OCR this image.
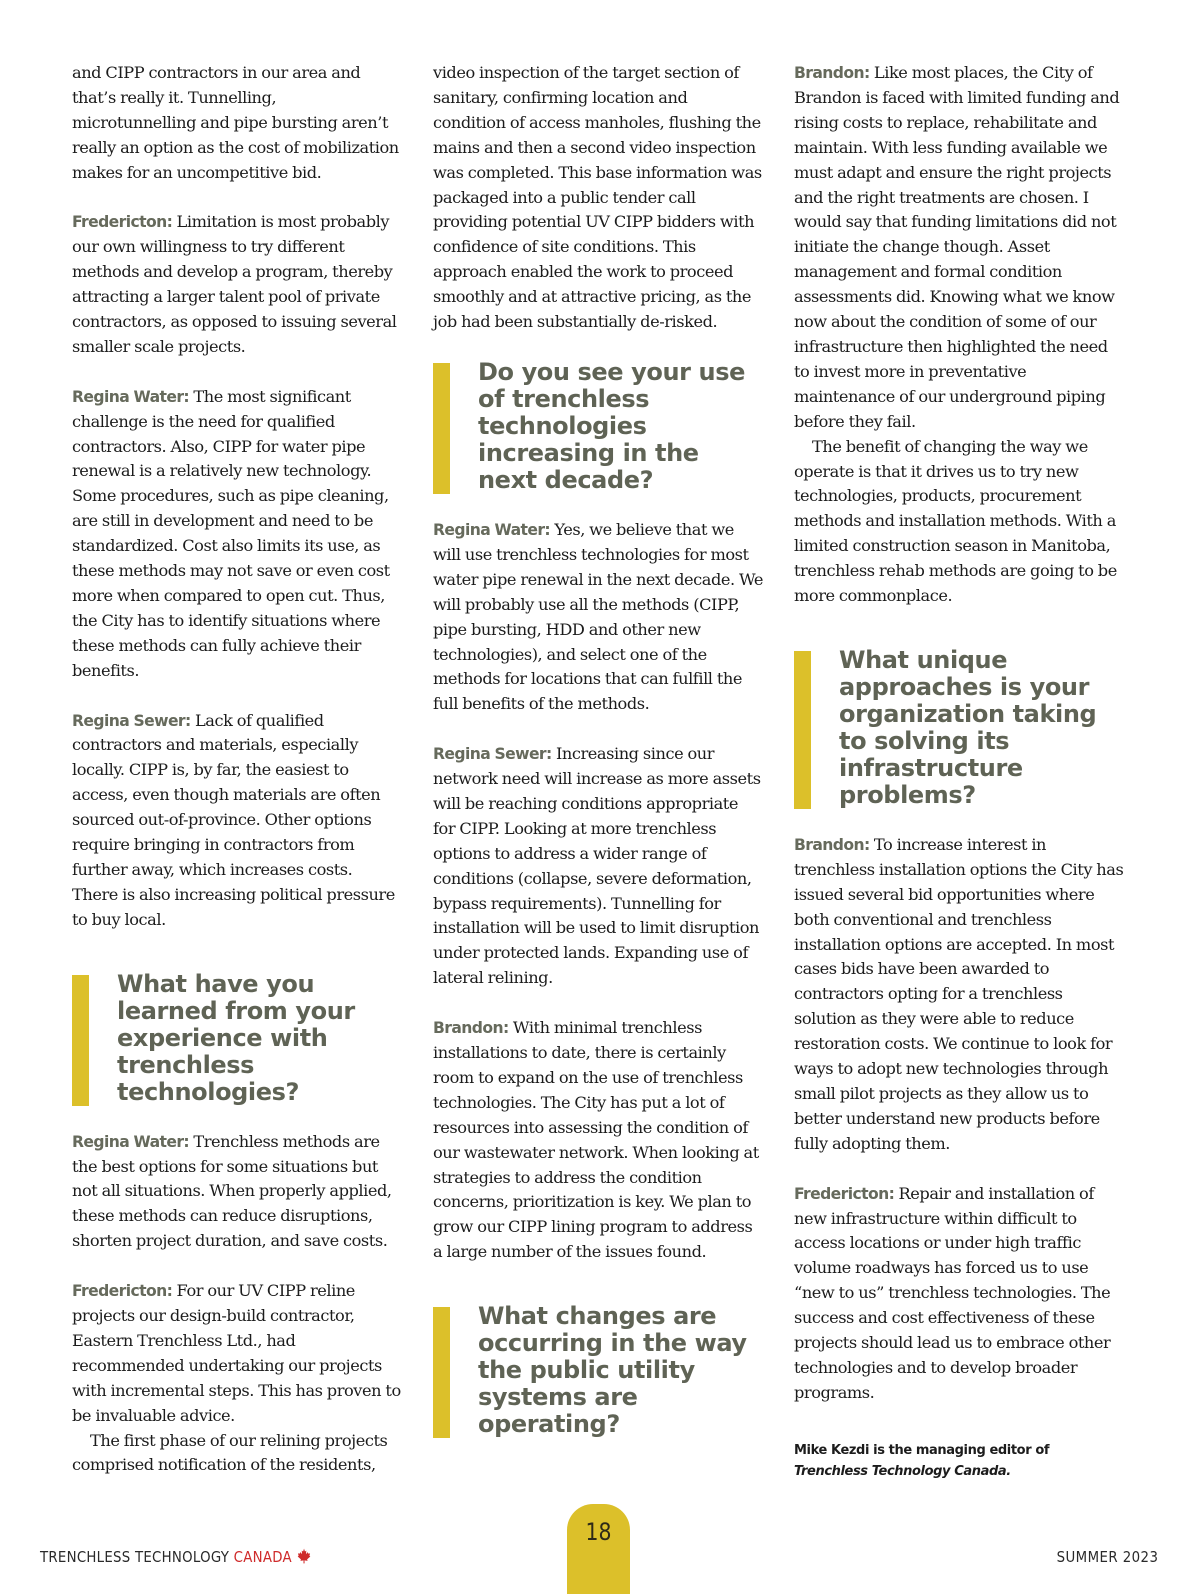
and CIPP contractors in our area and that’s really it. Tunnelling, microtunnelling and pipe bursting aren’t really an option as the cost of mobilization makes for an uncompetitive bid.

Fredericton: Limitation is most probably our own willingness to try different methods and develop a program, thereby attracting a larger talent pool of private contractors, as opposed to issuing several smaller scale projects.

Regina Water: The most significant challenge is the need for qualified contractors. Also, CIPP for water pipe renewal is a relatively new technology. Some procedures, such as pipe cleaning, are still in development and need to be standardized. Cost also limits its use, as these methods may not save or even cost more when compared to open cut. Thus, the City has to identify situations where these methods can fully achieve their benefits.

Regina Sewer: Lack of qualified contractors and materials, especially locally. CIPP is, by far, the easiest to access, even though materials are often sourced out-of-province. Other options require bringing in contractors from further away, which increases costs. There is also increasing political pressure to buy local.

What have you learned from your experience with trenchless technologies?

Regina Water: Trenchless methods are the best options for some situations but not all situations. When properly applied, these methods can reduce disruptions, shorten project duration, and save costs.

Fredericton: For our UV CIPP reline projects our design-build contractor, Eastern Trenchless Ltd., had recommended undertaking our projects with incremental steps. This has proven to be invaluable advice.

The first phase of our relining projects comprised notification of the residents,

video inspection of the target section of sanitary, confirming location and condition of access manholes, flushing the mains and then a second video inspection was completed. This base information was packaged into a public tender call providing potential UV CIPP bidders with confidence of site conditions. This approach enabled the work to proceed smoothly and at attractive pricing, as the job had been substantially de-risked.

Do you see your use of trenchless technologies increasing in the next decade?

Regina Water: Yes, we believe that we will use trenchless technologies for most water pipe renewal in the next decade. We will probably use all the methods (CIPP, pipe bursting, HDD and other new technologies), and select one of the methods for locations that can fulfill the full benefits of the methods.

Regina Sewer: Increasing since our network need will increase as more assets will be reaching conditions appropriate for CIPP. Looking at more trenchless options to address a wider range of conditions (collapse, severe deformation, bypass requirements). Tunnelling for installation will be used to limit disruption under protected lands. Expanding use of lateral relining.

Brandon: With minimal trenchless installations to date, there is certainly room to expand on the use of trenchless technologies. The City has put a lot of resources into assessing the condition of our wastewater network. When looking at strategies to address the condition concerns, prioritization is key. We plan to grow our CIPP lining program to address a large number of the issues found.

What changes are occurring in the way the public utility systems are operating?

Brandon: Like most places, the City of Brandon is faced with limited funding and rising costs to replace, rehabilitate and maintain. With less funding available we must adapt and ensure the right projects and the right treatments are chosen. I would say that funding limitations did not initiate the change though. Asset management and formal condition assessments did. Knowing what we know now about the condition of some of our infrastructure then highlighted the need to invest more in preventative maintenance of our underground piping before they fail.

The benefit of changing the way we operate is that it drives us to try new technologies, products, procurement methods and installation methods. With a limited construction season in Manitoba, trenchless rehab methods are going to be more commonplace.

What unique approaches is your organization taking to solving its infrastructure problems?

Brandon: To increase interest in trenchless installation options the City has issued several bid opportunities where both conventional and trenchless installation options are accepted. In most cases bids have been awarded to contractors opting for a trenchless solution as they were able to reduce restoration costs. We continue to look for ways to adopt new technologies through small pilot projects as they allow us to better understand new products before fully adopting them.

Fredericton: Repair and installation of new infrastructure within difficult to access locations or under high traffic volume roadways has forced us to use “new to us” trenchless technologies. The success and cost effectiveness of these projects should lead us to embrace other technologies and to develop broader programs.

Mike Kezdi is the managing editor of Trenchless Technology Canada.
TRENCHLESS TECHNOLOGY CANADA
18
SUMMER 2023
